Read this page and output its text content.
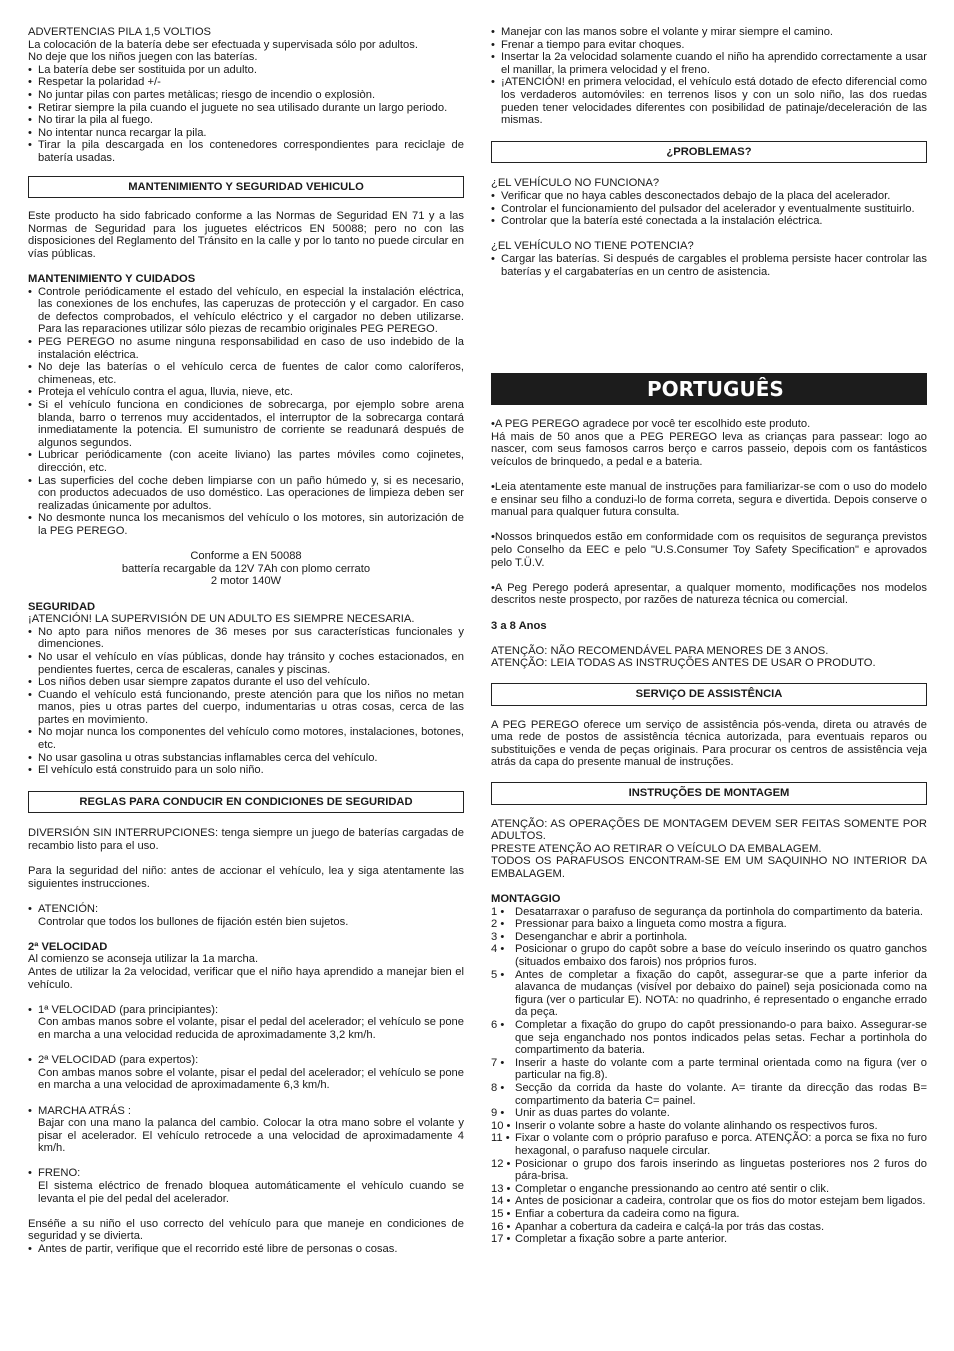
ADVERTENCIAS PILA 1,5 VOLTIOS

La colocación de la batería debe ser efectuada y supervisada sólo por adultos.

No deje que los niños juegen con las baterías.

• La batería debe ser sostituida por un adulto.
• Respetar la polaridad +/-
• No juntar pilas con partes metàlicas; riesgo de incendio o explosiòn.
• Retirar siempre la pila cuando el juguete no sea utilisado durante un largo periodo.
• No tirar la pila al fuego.
• No intentar nunca recargar la pila.
• Tirar la pila descargada en los contenedores correspondientes para reciclaje de batería usadas.
MANTENIMIENTO Y SEGURIDAD VEHICULO

Este producto ha sido fabricado conforme a las Normas de Seguridad EN 71 y a las Normas de Seguridad para los juguetes eléctricos EN 50088; pero no con las disposiciones del Reglamento del Tránsito en la calle y por lo tanto no puede circular en vías públicas.

MANTENIMIENTO Y CUIDADOS

• Controle periódicamente el estado del vehículo, en especial la instalación eléctrica, las conexiones de los enchufes, las caperuzas de protección y el cargador. En caso de defectos comprobados, el vehículo eléctrico y el cargador no deben utilizarse. Para las reparaciones utilizar sólo piezas de recambio originales PEG PEREGO.
• PEG PEREGO no asume ninguna responsabilidad en caso de uso indebido de la instalación eléctrica.
• No deje las baterías o el vehículo cerca de fuentes de calor como caloríferos, chimeneas, etc.
• Proteja el vehículo contra el agua, lluvia, nieve, etc.
• Si el vehículo funciona en condiciones de sobrecarga, por ejemplo sobre arena blanda, barro o terrenos muy accidentados, el interruptor de la sobrecarga contará inmediatamente la potencia. El sumunistro de corriente se readunará después de algunos segundos.
• Lubricar periódicamente (con aceite liviano) las partes móviles como cojinetes, dirección, etc.
• Las superficies del coche deben limpiarse con un paño húmedo y, si es necesario, con productos adecuados de uso doméstico. Las operaciones de limpieza deben ser realizadas únicamente por adultos.
• No desmonte nunca los mecanismos del vehículo o los motores, sin autorización de la PEG PEREGO.

Conforme a EN 50088

battería recargable da 12V 7Ah con plomo cerrato

2 motor 140W

SEGURIDAD

¡ATENCIÓN! LA SUPERVISIÓN DE UN ADULTO ES SIEMPRE NECESARIA.

• No apto para niños menores de 36 meses por sus características funcionales y dimenciones.
• No usar el vehículo en vías públicas, donde hay tránsito y coches estacionados, en pendientes fuertes, cerca de escaleras, canales y piscinas.
• Los niños deben usar siempre zapatos durante el uso del vehículo.
• Cuando el vehículo está funcionando, preste atención para que los niños no metan manos, pies u otras partes del cuerpo, indumentarias u otras cosas, cerca de las partes en movimiento.
• No mojar nunca los componentes del vehículo como motores, instalaciones, botones, etc.
• No usar gasolina u otras substancias inflamables cerca del vehículo.
• El vehículo está construido para un solo niño.
REGLAS PARA CONDUCIR EN CONDICIONES DE SEGURIDAD

DIVERSIÓN SIN INTERRUPCIONES: tenga siempre un juego de baterías cargadas de recambio listo para el uso.

Para la seguridad del niño: antes de accionar el vehículo, lea y siga atentamente las siguientes instrucciones.

• ATENCIÓN:

Controlar que todos los bullones de fijación estén bien sujetos.

2ª VELOCIDAD

Al comienzo se aconseja utilizar la 1a marcha.

Antes de utilizar la 2a velocidad, verificar que el niño haya aprendido a manejar bien el vehículo.

• 1ª VELOCIDAD (para principiantes):

Con ambas manos sobre el volante, pisar el pedal del acelerador; el vehículo se pone en marcha a una velocidad reducida de aproximadamente 3,2 km/h.

• 2ª VELOCIDAD (para expertos):

Con ambas manos sobre el volante, pisar el pedal del acelerador; el vehículo se pone en marcha a una velocidad de aproximadamente 6,3 km/h.

• MARCHA ATRÁS :

Bajar con una mano la palanca del cambio. Colocar la otra mano sobre el volante y pisar el acelerador. El vehículo retrocede a una velocidad de aproximadamente 4 km/h.

• FRENO:

El sistema eléctrico de frenado bloquea automáticamente el vehículo cuando se levanta el pie del pedal del acelerador.

Enséñe a su niño el uso correcto del vehículo para que maneje en condiciones de seguridad y se divierta.

• Antes de partir, verifique que el recorrido esté libre de personas o cosas.
• Manejar con las manos sobre el volante y mirar siempre el camino.
• Frenar a tiempo para evitar choques.
• Insertar la 2a velocidad solamente cuando el niño ha aprendido correctamente a usar el manillar, la primera velocidad y el freno.
• ¡ATENCIÓN! en primera velocidad, el vehículo está dotado de efecto diferencial como los verdaderos automóviles: en terrenos lisos y con un solo niño, las dos ruedas pueden tener velocidades diferentes con posibilidad de patinaje/deceleración de las mismas.
¿PROBLEMAS?

¿EL VEHÍCULO NO FUNCIONA?

• Verificar que no haya cables desconectados debajo de la placa del acelerador.
• Controlar el funcionamiento del pulsador del acelerador y eventualmente sustituirlo.
• Controlar que la batería esté conectada a la instalación eléctrica.

¿EL VEHÍCULO NO TIENE POTENCIA?

• Cargar las baterías. Si después de cargables el problema persiste hacer controlar las baterías y el cargabaterías en un centro de asistencia.
PORTUGUÊS

•A PEG PEREGO agradece por você ter escolhido este produto.

Há mais de 50 anos que a PEG PEREGO leva as crianças para passear: logo ao nascer, com seus famosos carros berço e carros passeio, depois com os fantásticos veículos de brinquedo, a pedal e a bateria.

•Leia atentamente este manual de instruções para familiarizar-se com o uso do modelo e ensinar seu filho a conduzi-lo de forma correta, segura e divertida. Depois conserve o manual para qualquer futura consulta.

•Nossos brinquedos estão em conformidade com os requisitos de segurança previstos pelo Conselho da EEC e pelo "U.S.Consumer Toy Safety Specification" e aprovados pelo T.Ü.V.

•A Peg Perego poderá apresentar, a qualquer momento, modificações nos modelos descritos neste prospecto, por razões de natureza técnica ou comercial.

3 a 8 Anos

ATENÇÃO: NÃO RECOMENDÁVEL PARA MENORES DE 3 ANOS.

ATENÇÃO: LEIA TODAS AS INSTRUÇÕES ANTES DE USAR O PRODUTO.

SERVIÇO DE ASSISTÊNCIA

A PEG PEREGO oferece um serviço de assistência pós-venda, direta ou através de uma rede de postos de assistência técnica autorizada, para eventuais reparos ou substituições e venda de peças originais. Para procurar os centros de assistência veja atrás da capa do presente manual de instruções.

INSTRUÇÕES DE MONTAGEM

ATENÇÃO: AS OPERAÇÕES DE MONTAGEM DEVEM SER FEITAS SOMENTE POR ADULTOS.

PRESTE ATENÇÃO AO RETIRAR O VEÍCULO DA EMBALAGEM.

TODOS OS PARAFUSOS ENCONTRAM-SE EM UM SAQUINHO NO INTERIOR DA EMBALAGEM.

MONTAGGIO

1 • Desatarraxar o parafuso de segurança da portinhola do compartimento da bateria.
2 • Pressionar para baixo a lingueta como mostra a figura.
3 • Desenganchar e abrir a portinhola.
4 • Posicionar o grupo do capôt sobre a base do veículo inserindo os quatro ganchos (situados embaixo dos farois) nos próprios furos.
5 • Antes de completar a fixação do capôt, assegurar-se que a parte inferior da alavanca de mudanças (visível por debaixo do painel) seja posicionada como na figura (ver o particular E). NOTA: no quadrinho, é representado o enganche errado da peça.
6 • Completar a fixação do grupo do capôt pressionando-o para baixo. Assegurar-se que seja enganchado nos pontos indicados pelas setas. Fechar a portinhola do compartimento da bateria.
7 • Inserir a haste do volante com a parte terminal orientada como na figura (ver o particular na fig.8).
8 • Secção da corrida da haste do volante. A= tirante da direcção das rodas B= compartimento da bateria C= painel.
9 • Unir as duas partes do volante.
10 • Inserir o volante sobre a haste do volante alinhando os respectivos furos.
11 • Fixar o volante com o próprio parafuso e porca. ATENÇÃO: a porca se fixa no furo hexagonal, o parafuso naquele circular.
12 • Posicionar o grupo dos farois inserindo as linguetas posteriores nos 2 furos do pára-brisa.
13 • Completar o enganche pressionando ao centro até sentir o clik.
14 • Antes de posicionar a cadeira, controlar que os fios do motor estejam bem ligados.
15 • Enfiar a cobertura da cadeira como na figura.
16 • Apanhar a cobertura da cadeira e calçá-la por trás das costas.
17 • Completar a fixação sobre a parte anterior.
